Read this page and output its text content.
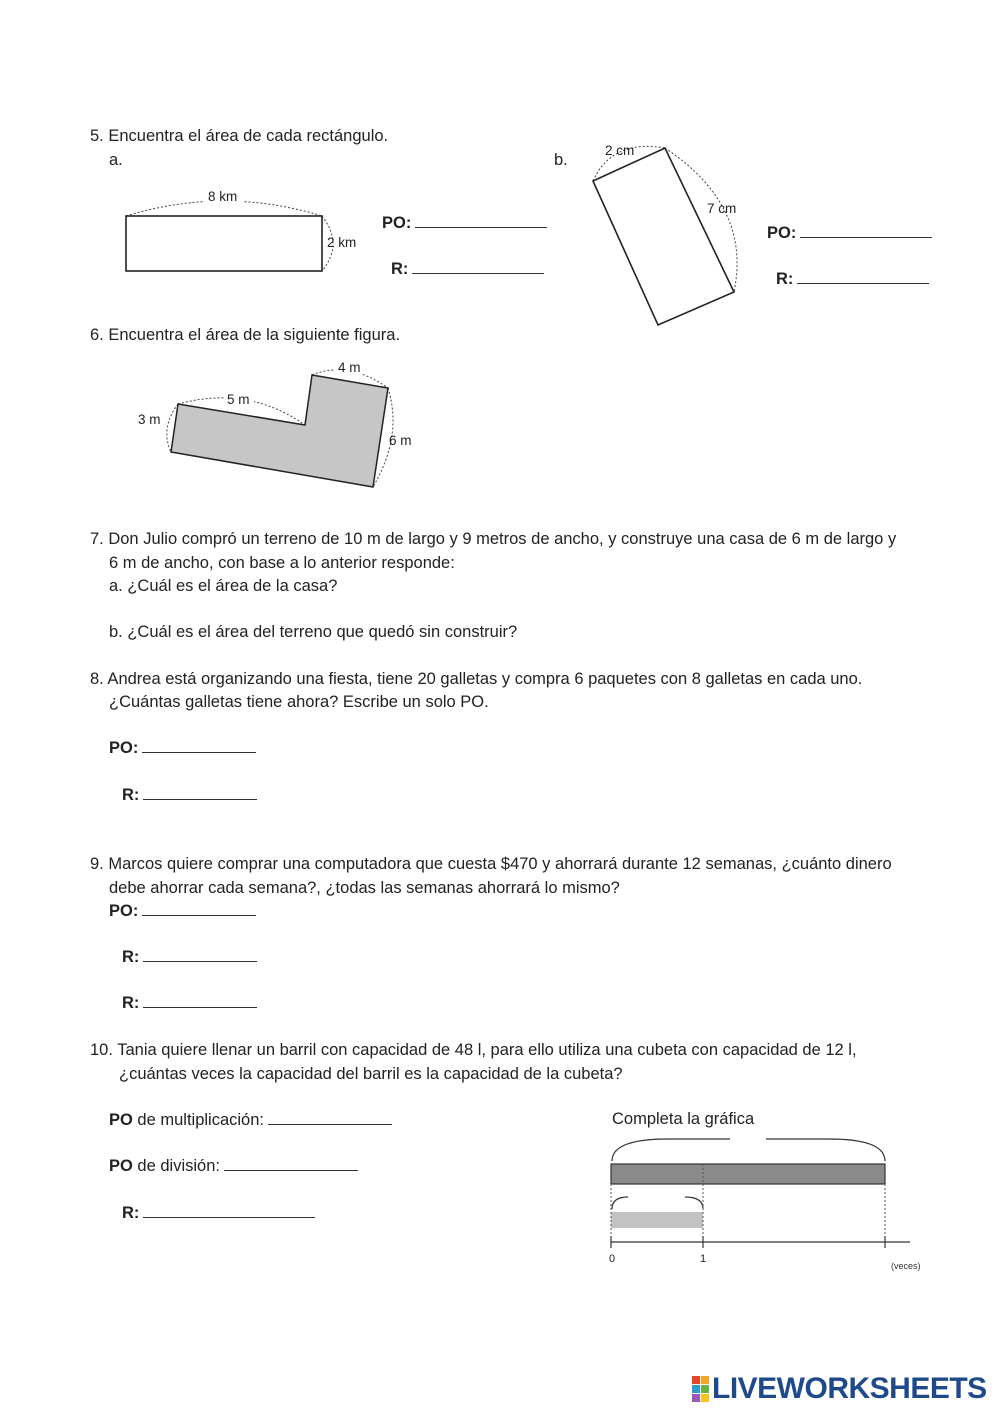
5. Encuentra el área de cada rectángulo.
a.	b.
8 km
2 km
PO:
R:
2 cm
7 cm
PO:
R:
6. Encuentra el área de la siguiente figura.
4 m
5 m
3 m
6 m
7. Don Julio compró un terreno de 10 m de largo y 9 metros de ancho, y construye una casa de 6 m de largo y
6 m de ancho, con base a lo anterior responde:
a. ¿Cuál es el área de la casa?
b. ¿Cuál es el área del terreno que quedó sin construir?
8. Andrea está organizando una fiesta, tiene 20 galletas y compra 6 paquetes con 8 galletas en cada uno.
¿Cuántas galletas tiene ahora? Escribe un solo PO.
PO:
R:
9. Marcos quiere comprar una computadora que cuesta $470 y ahorrará durante 12 semanas, ¿cuánto dinero
debe ahorrar cada semana?, ¿todas las semanas ahorrará lo mismo?
PO:
R:
R:
10. Tania quiere llenar un barril con capacidad de 48 l, para ello utiliza una cubeta con capacidad de 12 l,
¿cuántas veces la capacidad del barril es la capacidad de la cubeta?
PO de multiplicación:
PO de división:
R:
Completa la gráfica
0	1
(veces)
LIVEWORKSHEETS
